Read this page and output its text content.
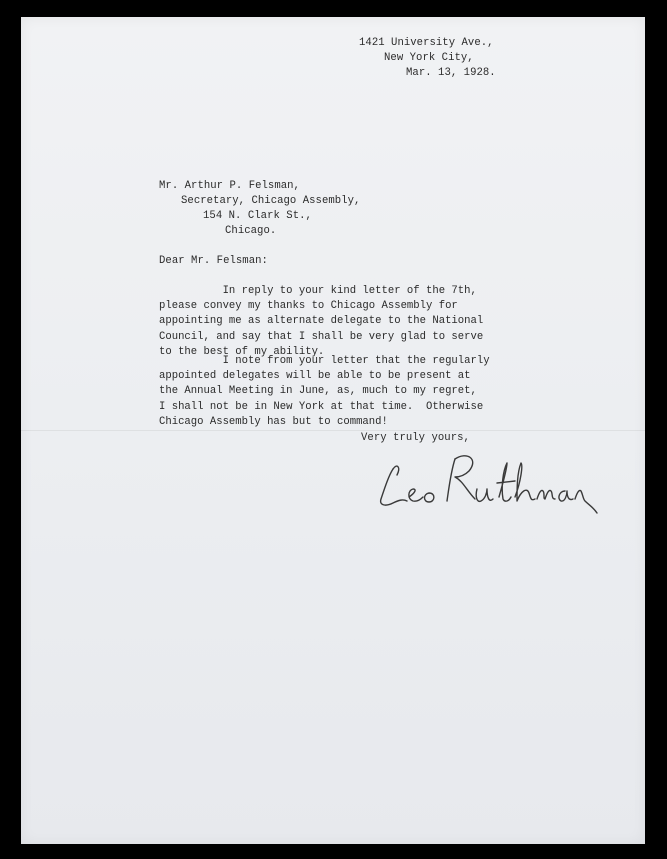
1421 University Ave.,
New York City,
Mar. 13, 1928.
Mr. Arthur P. Felsman,
Secretary, Chicago Assembly,
154 N. Clark St.,
Chicago.
Dear Mr. Felsman:
In reply to your kind letter of the 7th,
please convey my thanks to Chicago Assembly for
appointing me as alternate delegate to the National
Council, and say that I shall be very glad to serve
to the best of my ability.
I note from your letter that the regularly
appointed delegates will be able to be present at
the Annual Meeting in June, as, much to my regret,
I shall not be in New York at that time.  Otherwise
Chicago Assembly has but to command!
Very truly yours,
